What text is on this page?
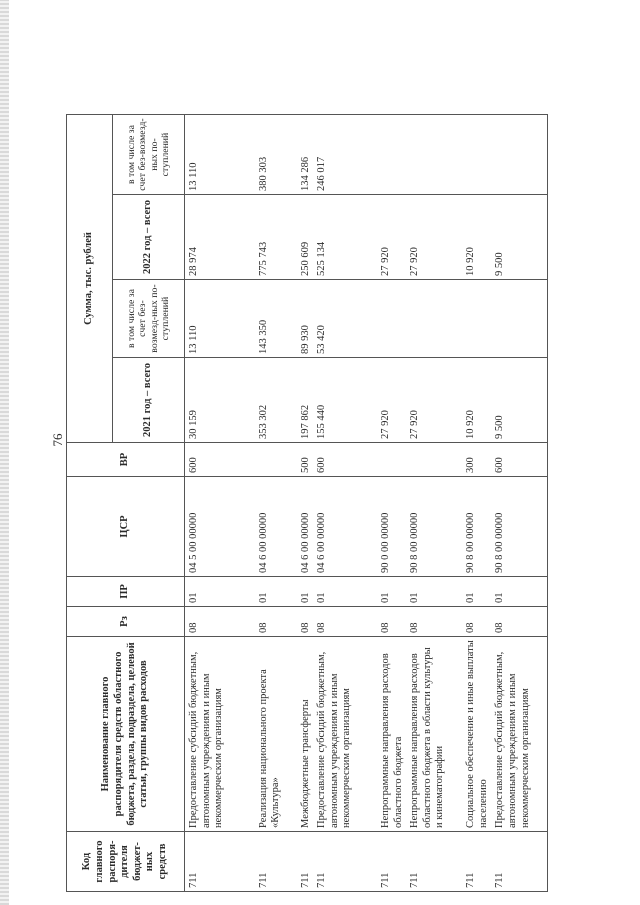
76
Код главного распоря-дителя бюджет-ных средств	Наименование главного распорядителя средств областного бюджета, раздела, подраздела, целевой статьи, группы видов расходов	Рз	ПР	ЦСР	ВР	Сумма, тыс. рублей			
						2021 год – всего	в том числе за счет без-возмезд-ных по-ступлений	2022 год – всего	в том числе за счет без-возмезд-ных по-ступлений
711	Предоставление субсидий бюджетным, автономным учреждениям и иным некоммерческим организациям	08	01	04 5 00 00000	600	30 159	13 110	28 974	13 110
711	Реализация национального проекта «Культура»	08	01	04 6 00 00000		353 302	143 350	775 743	380 303
711	Межбюджетные трансферты	08	01	04 6 00 00000	500	197 862	89 930	250 609	134 286
711	Предоставление субсидий бюджетным, автономным учреждениям и иным некоммерческим организациям	08	01	04 6 00 00000	600	155 440	53 420	525 134	246 017
711	Непрограммные направления расходов областного бюджета	08	01	90 0 00 00000		27 920		27 920	
711	Непрограммные направления расходов областного бюджета в области культуры и кинематографии	08	01	90 8 00 00000		27 920		27 920	
711	Социальное обеспечение и иные выплаты населению	08	01	90 8 00 00000	300	10 920		10 920	
711	Предоставление субсидий бюджетным, автономным учреждениям и иным некоммерческим организациям	08	01	90 8 00 00000	600	9 500		9 500	
